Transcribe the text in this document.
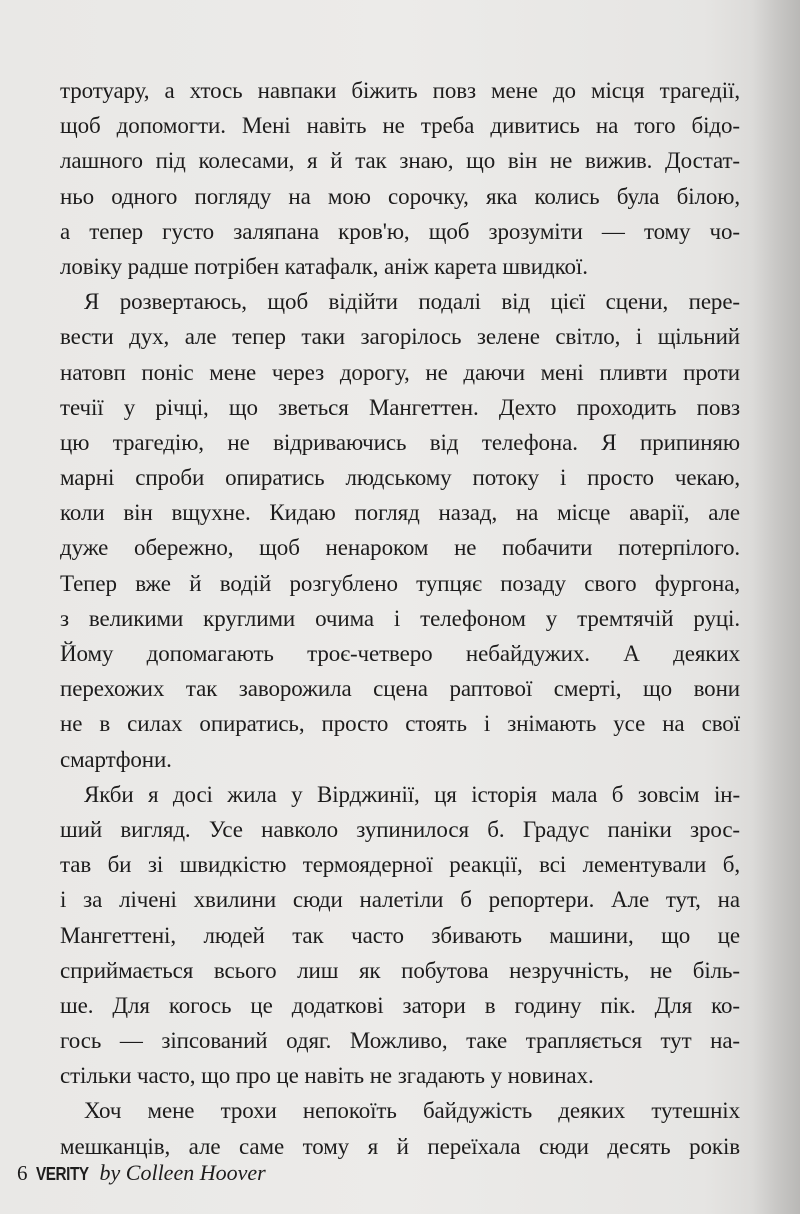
тротуару, а хтось навпаки біжить повз мене до місця трагедії,
щоб допомогти. Мені навіть не треба дивитись на того бідо-
лашного під колесами, я й так знаю, що він не вижив. Достат-
ньо одного погляду на мою сорочку, яка колись була білою,
а тепер густо заляпана кров'ю, щоб зрозуміти — тому чо-
ловіку радше потрібен катафалк, аніж карета швидкої.
Я розвертаюсь, щоб відійти подалі від цієї сцени, пере-
вести дух, але тепер таки загорілось зелене світло, і щільний
натовп поніс мене через дорогу, не даючи мені пливти проти
течії у річці, що зветься Мангеттен. Дехто проходить повз
цю трагедію, не відриваючись від телефона. Я припиняю
марні спроби опиратись людському потоку і просто чекаю,
коли він вщухне. Кидаю погляд назад, на місце аварії, але
дуже обережно, щоб ненароком не побачити потерпілого.
Тепер вже й водій розгублено тупцяє позаду свого фургона,
з великими круглими очима і телефоном у тремтячій руці.
Йому допомагають троє-четверо небайдужих. А деяких
перехожих так заворожила сцена раптової смерті, що вони
не в силах опиратись, просто стоять і знімають усе на свої
смартфони.
Якби я досі жила у Вірджинії, ця історія мала б зовсім ін-
ший вигляд. Усе навколо зупинилося б. Градус паніки зрос-
тав би зі швидкістю термоядерної реакції, всі лементували б,
і за лічені хвилини сюди налетіли б репортери. Але тут, на
Мангеттені, людей так часто збивають машини, що це
сприймається всього лиш як побутова незручність, не біль-
ше. Для когось це додаткові затори в годину пік. Для ко-
гось — зіпсований одяг. Можливо, таке трапляється тут на-
стільки часто, що про це навіть не згадають у новинах.
Хоч мене трохи непокоїть байдужість деяких тутешніх
мешканців, але саме тому я й переїхала сюди десять років
6 VERITY by Colleen Hoover
